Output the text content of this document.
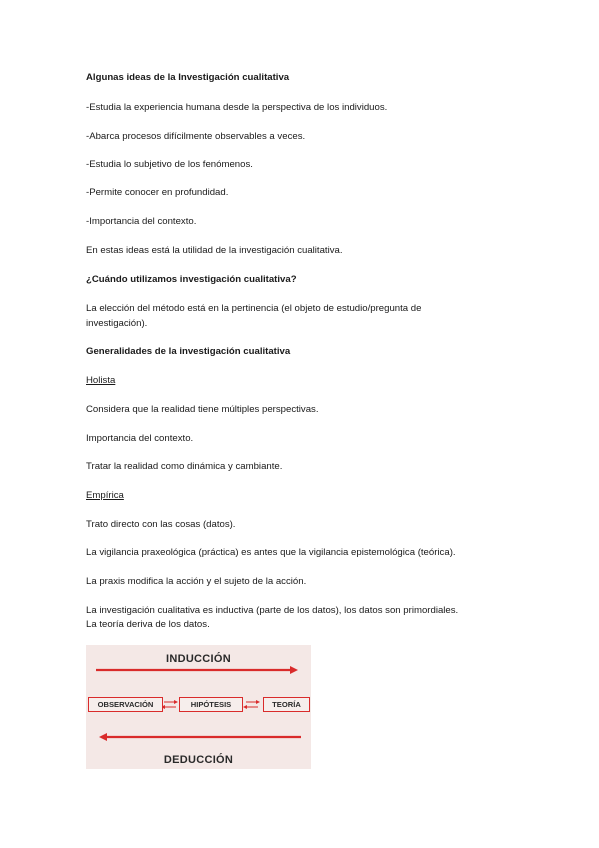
Algunas ideas de la Investigación cualitativa
-Estudia la experiencia humana desde la perspectiva de los individuos.
-Abarca procesos difícilmente observables a veces.
-Estudia lo subjetivo de los fenómenos.
-Permite conocer en profundidad.
-Importancia del contexto.
En estas ideas está la utilidad de la investigación cualitativa.
¿Cuándo utilizamos investigación cualitativa?
La elección del método está en la pertinencia (el objeto de estudio/pregunta de
investigación).
Generalidades de la investigación cualitativa
Holista
Considera que la realidad tiene múltiples perspectivas.
Importancia del contexto.
Tratar la realidad como dinámica y cambiante.
Empírica
Trato directo con las cosas (datos).
La vigilancia praxeológica (práctica) es antes que la vigilancia epistemológica (teórica).
La praxis modifica la acción y el sujeto de la acción.
La investigación cualitativa es inductiva (parte de los datos), los datos son primordiales.
La teoría deriva de los datos.
INDUCCIÓN
OBSERVACIÓN	HIPÓTESIS	TEORÍA
DEDUCCIÓN
